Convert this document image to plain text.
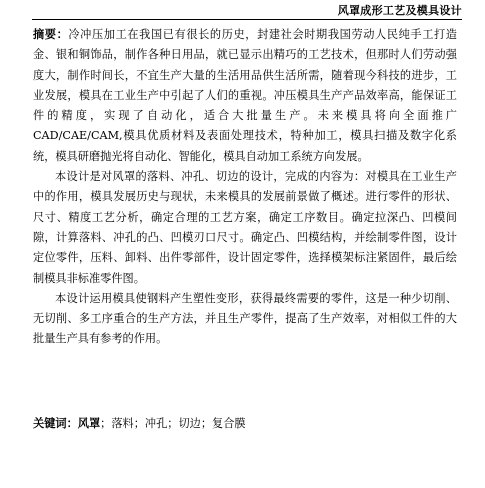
风罩成形工艺及模具设计

摘要：冷冲压加工在我国已有很长的历史，封建社会时期我国劳动人民纯手工打造金、银和铜饰品，制作各种日用品，就已显示出精巧的工艺技术，但那时人们劳动强度大，制作时间长，不宜生产大量的生活用品供生活所需，随着现今科技的进步，工业发展，模具在工业生产中引起了人们的重视。冲压模具生产产品效率高，能保证工件的精度，实现了自动化，适合大批量生产。未来模具将向全面推广 CAD/CAE/CAM,模具优质材料及表面处理技术，特种加工，模具扫描及数字化系统，模具研磨抛光将自动化、智能化，模具自动加工系统方向发展。

本设计是对风罩的落料、冲孔、切边的设计，完成的内容为：对模具在工业生产中的作用，模具发展历史与现状，未来模具的发展前景做了概述。进行零件的形状、尺寸、精度工艺分析，确定合理的工艺方案，确定工序数目。确定拉深凸、凹模间隙，计算落料、冲孔的凸、凹模刃口尺寸。确定凸、凹模结构，并绘制零件图，设计定位零件，压料、卸料、出件零部件，设计固定零件，选择模架标注紧固件，最后绘制模具非标准零件图。

本设计运用模具使钢料产生塑性变形，获得最终需要的零件，这是一种少切削、无切削、多工序重合的生产方法，并且生产零件，提高了生产效率，对相似工件的大批量生产具有参考的作用。

关键词：风罩；落料；冲孔；切边；复合膜
